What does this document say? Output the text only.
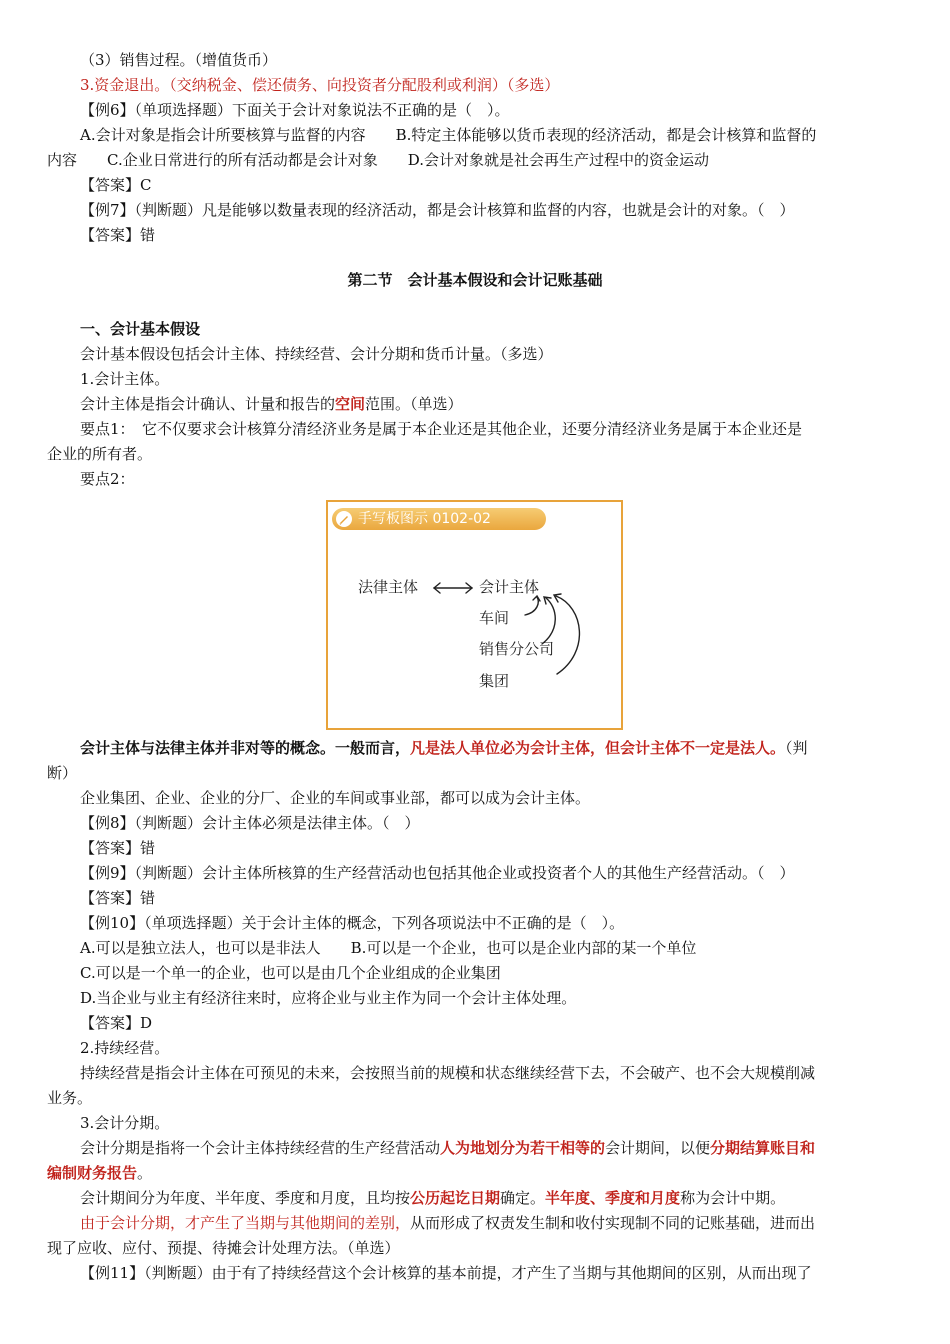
（3）销售过程。（增值货币）

3.资金退出。（交纳税金、偿还债务、向投资者分配股利或利润）（多选）

【例6】（单项选择题）下面关于会计对象说法不正确的是（　）。

A.会计对象是指会计所要核算与监督的内容　　B.特定主体能够以货币表现的经济活动，都是会计核算和监督的

内容　　C.企业日常进行的所有活动都是会计对象　　D.会计对象就是社会再生产过程中的资金运动

【答案】C

【例7】（判断题）凡是能够以数量表现的经济活动，都是会计核算和监督的内容，也就是会计的对象。（　）

【答案】错

第二节　会计基本假设和会计记账基础

一、会计基本假设

会计基本假设包括会计主体、持续经营、会计分期和货币计量。（多选）

1.会计主体。

会计主体是指会计确认、计量和报告的空间范围。（单选）

要点1：　它不仅要求会计核算分清经济业务是属于本企业还是其他企业，还要分清经济业务是属于本企业还是

企业的所有者。

要点2：

手写板图示 0102-02
法律主体	会计主体
车间
销售分公司
集团

会计主体与法律主体并非对等的概念。一般而言，凡是法人单位必为会计主体，但会计主体不一定是法人。（判

断）

企业集团、企业、企业的分厂、企业的车间或事业部，都可以成为会计主体。

【例8】（判断题）会计主体必须是法律主体。（　）

【答案】错

【例9】（判断题）会计主体所核算的生产经营活动也包括其他企业或投资者个人的其他生产经营活动。（　）

【答案】错

【例10】（单项选择题）关于会计主体的概念，下列各项说法中不正确的是（　）。

A.可以是独立法人，也可以是非法人　　B.可以是一个企业，也可以是企业内部的某一个单位

C.可以是一个单一的企业，也可以是由几个企业组成的企业集团

D.当企业与业主有经济往来时，应将企业与业主作为同一个会计主体处理。

【答案】D

2.持续经营。

持续经营是指会计主体在可预见的未来，会按照当前的规模和状态继续经营下去，不会破产、也不会大规模削减

业务。

3.会计分期。

会计分期是指将一个会计主体持续经营的生产经营活动人为地划分为若干相等的会计期间，以便分期结算账目和

编制财务报告。

会计期间分为年度、半年度、季度和月度，且均按公历起讫日期确定。半年度、季度和月度称为会计中期。

由于会计分期，才产生了当期与其他期间的差别，从而形成了权责发生制和收付实现制不同的记账基础，进而出

现了应收、应付、预提、待摊会计处理方法。（单选）

【例11】（判断题）由于有了持续经营这个会计核算的基本前提，才产生了当期与其他期间的区别，从而出现了
